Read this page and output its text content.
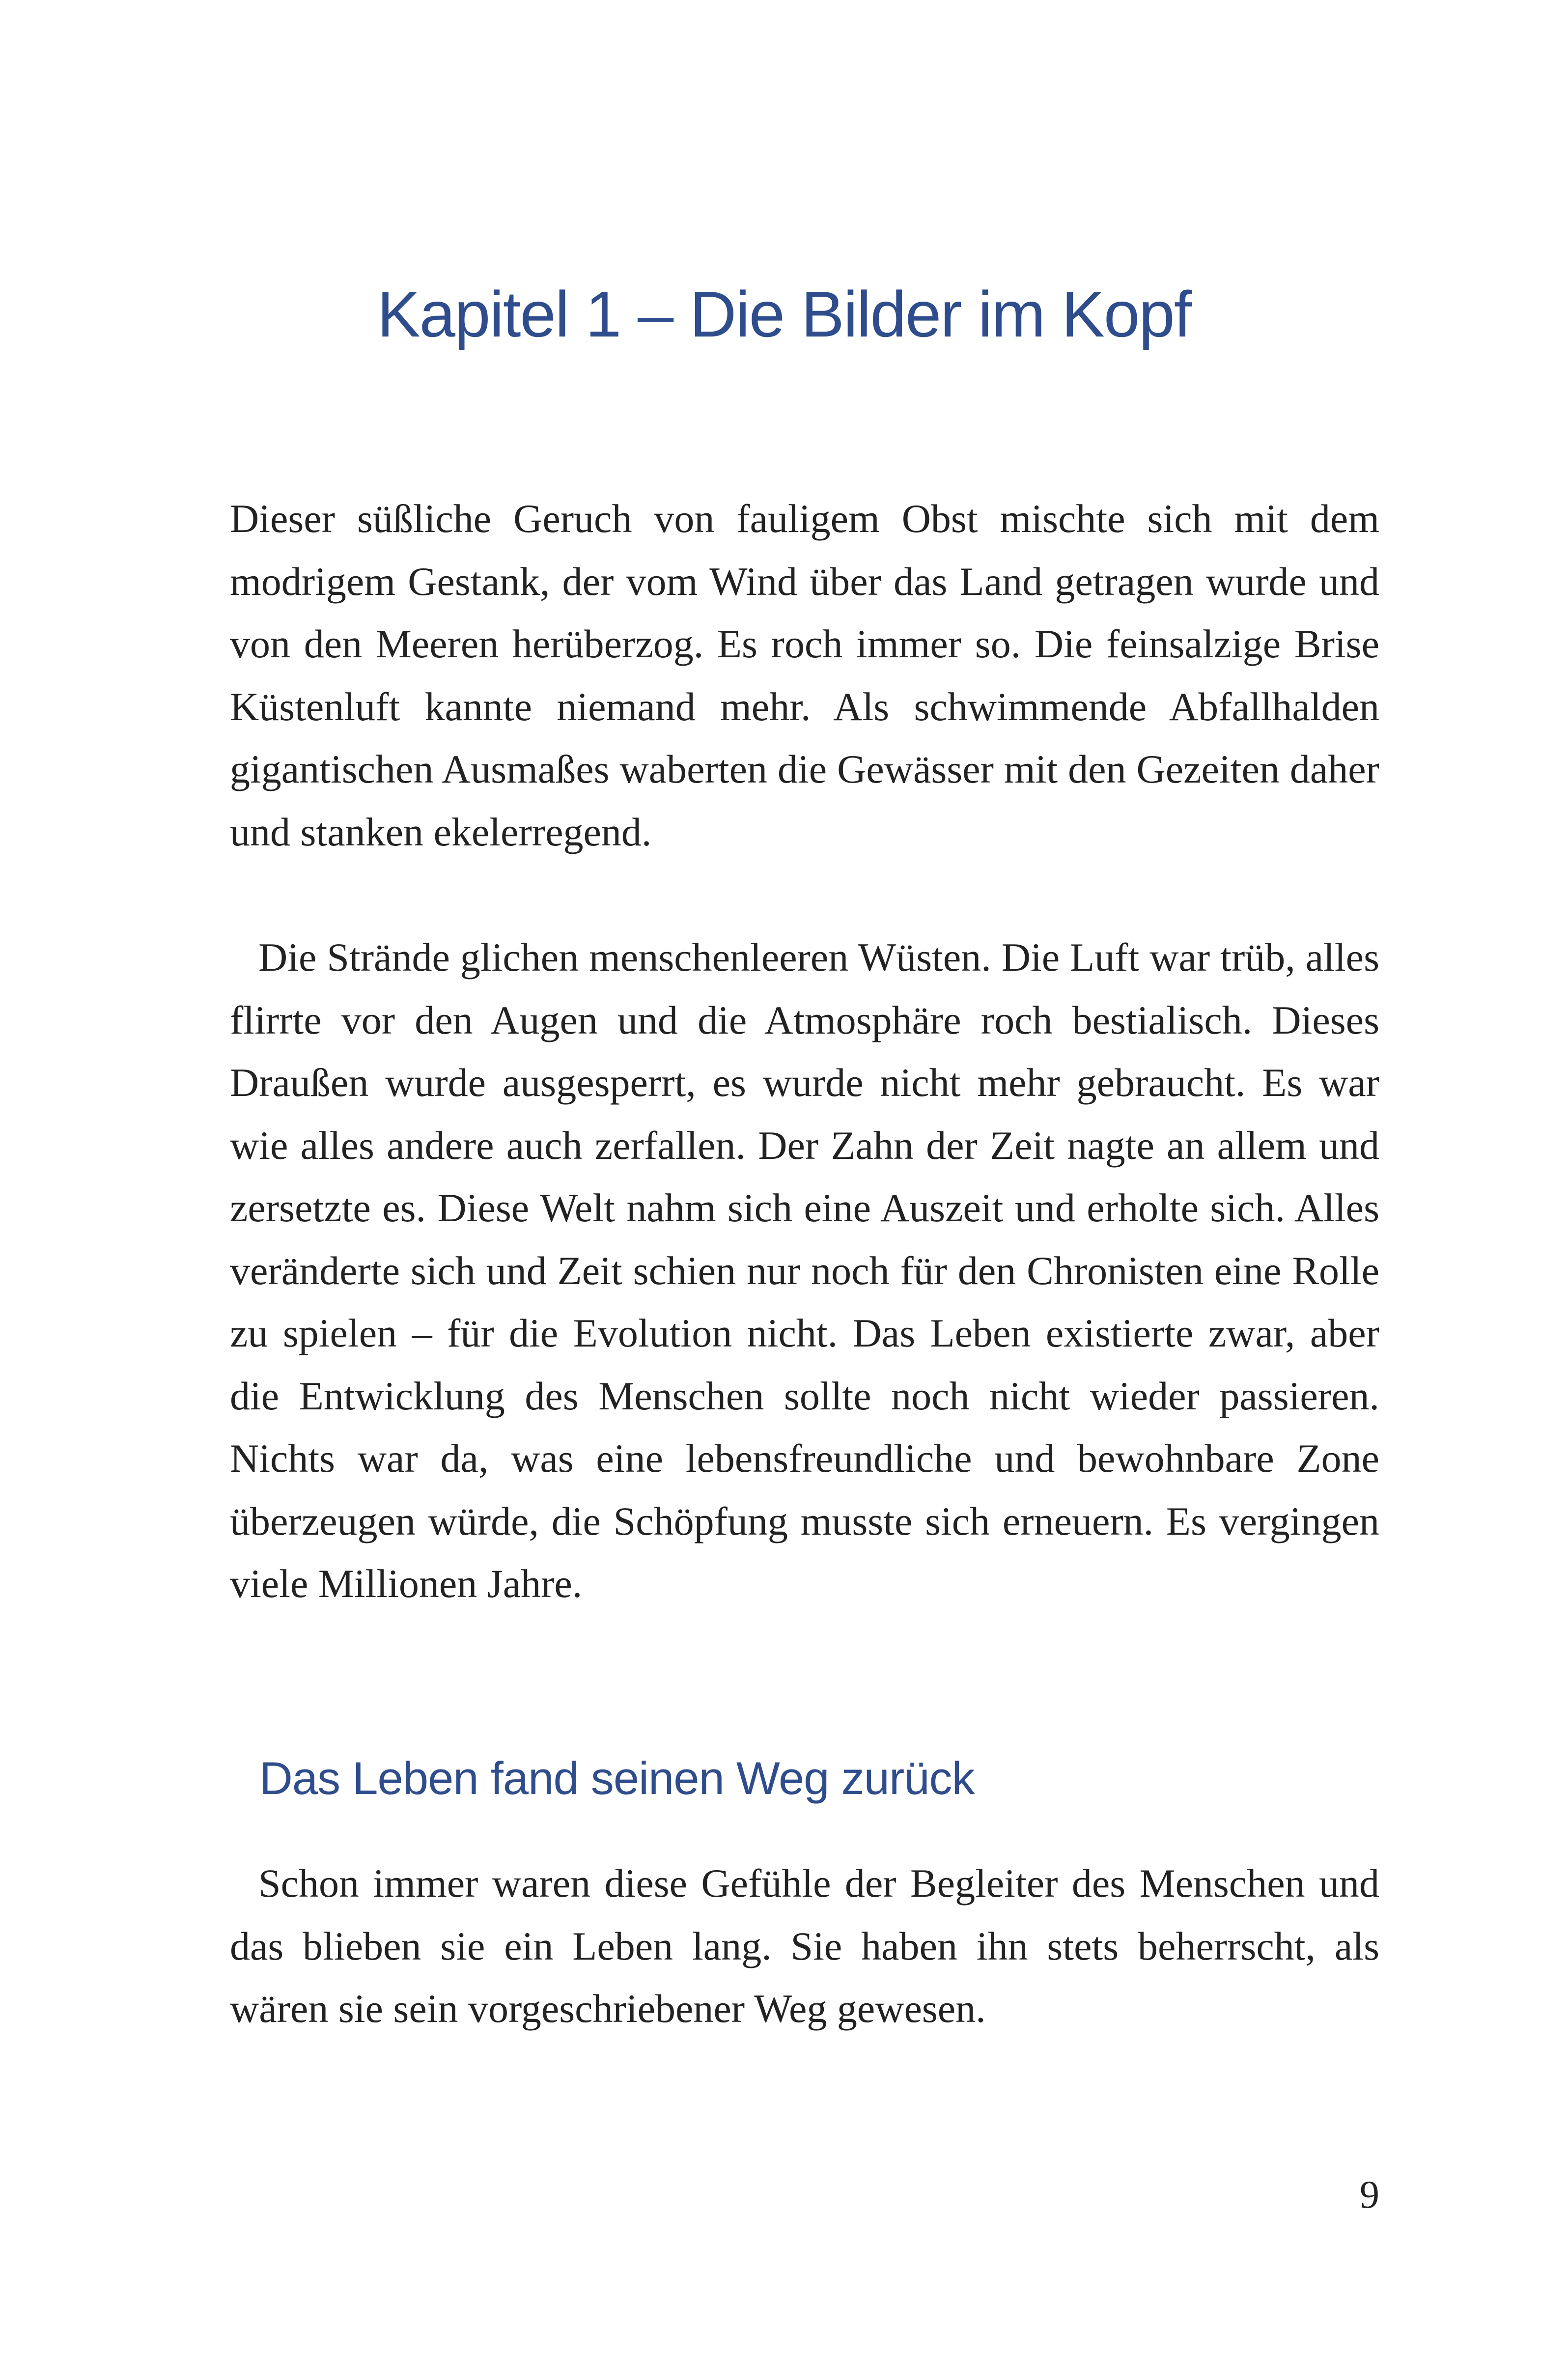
Kapitel 1 – Die Bilder im Kopf

Dieser süßliche Geruch von fauligem Obst mischte sich mit dem modrigem Gestank, der vom Wind über das Land getragen wurde und von den Meeren herüberzog. Es roch immer so. Die feinsalzige Brise Küstenluft kannte niemand mehr. Als schwimmende Abfallhalden gigantischen Ausmaßes waberten die Gewässer mit den Gezeiten daher und stanken ekelerregend.

Die Strände glichen menschenleeren Wüsten. Die Luft war trüb, alles flirrte vor den Augen und die Atmosphäre roch bestialisch. Dieses Draußen wurde ausgesperrt, es wurde nicht mehr gebraucht. Es war wie alles andere auch zerfallen. Der Zahn der Zeit nagte an allem und zersetzte es. Diese Welt nahm sich eine Auszeit und erholte sich. Alles veränderte sich und Zeit schien nur noch für den Chronisten eine Rolle zu spielen – für die Evolution nicht. Das Leben existierte zwar, aber die Entwicklung des Menschen sollte noch nicht wieder passieren. Nichts war da, was eine lebensfreundliche und bewohnbare Zone überzeugen würde, die Schöpfung musste sich erneuern. Es vergingen viele Millionen Jahre.

Das Leben fand seinen Weg zurück

Schon immer waren diese Gefühle der Begleiter des Menschen und das blieben sie ein Leben lang. Sie haben ihn stets beherrscht, als wären sie sein vorgeschriebener Weg gewesen.

9
